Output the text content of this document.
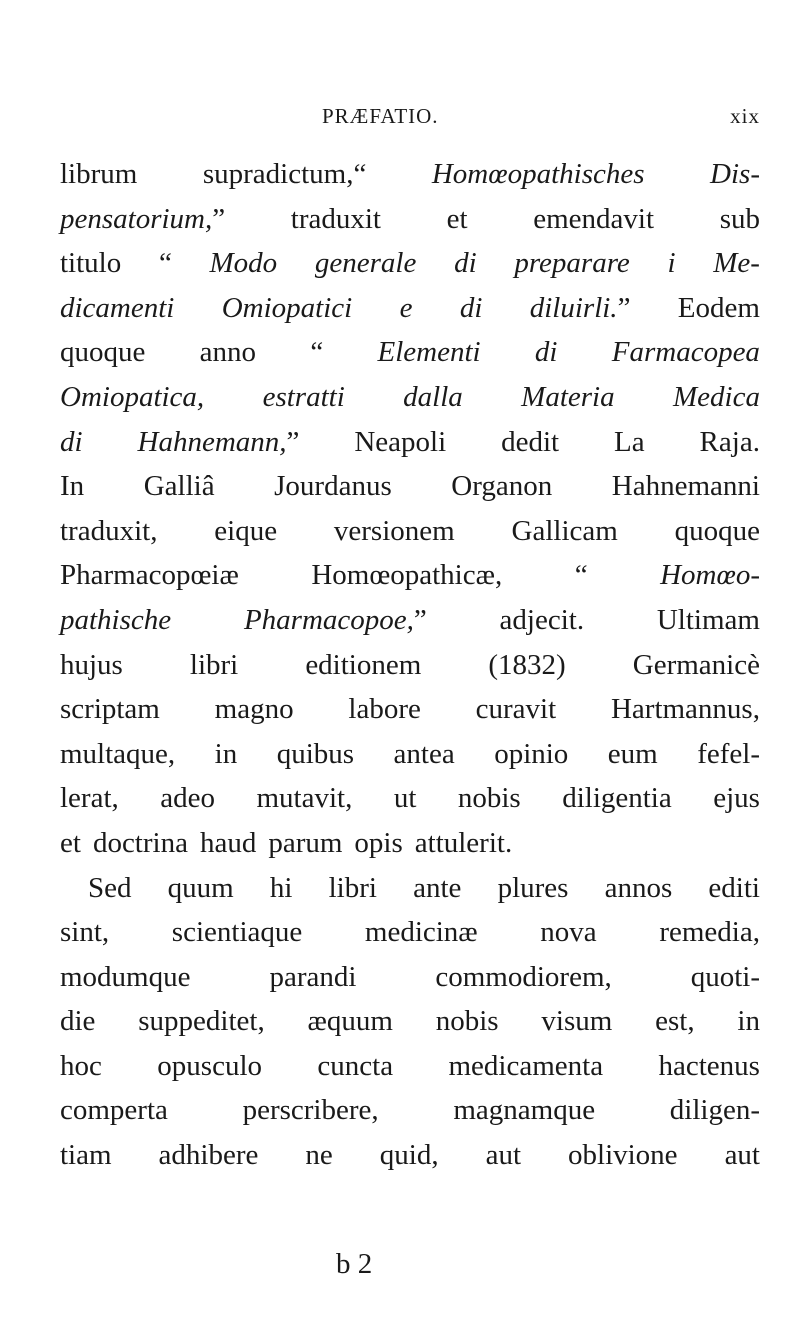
PRÆFATIO.	xix
librum supradictum,“ Homœopathisches Dis-
pensatorium,” traduxit et emendavit sub
titulo “ Modo generale di preparare i Me-
dicamenti Omiopatici e di diluirli.” Eodem
quoque anno “ Elementi di Farmacopea
Omiopatica, estratti dalla Materia Medica
di Hahnemann,” Neapoli dedit La Raja.
In Galliâ Jourdanus Organon Hahnemanni
traduxit, eique versionem Gallicam quoque
Pharmacopœiæ	Homœopathicæ,	“	Homœo-
pathische	Pharmacopoe,”	adjecit.	Ultimam
hujus libri editionem (1832) Germanicè
scriptam magno labore curavit Hartmannus,
multaque, in quibus antea opinio eum fefel-
lerat, adeo mutavit, ut nobis diligentia ejus
et doctrina haud parum opis attulerit.
Sed quum hi libri ante plures annos editi
sint, scientiaque medicinæ nova remedia,
modumque	parandi	commodiorem,	quoti-
die suppeditet, æquum nobis visum est, in
hoc opusculo cuncta medicamenta hactenus
comperta	perscribere,	magnamque	diligen-
tiam adhibere ne quid, aut oblivione aut
b 2
